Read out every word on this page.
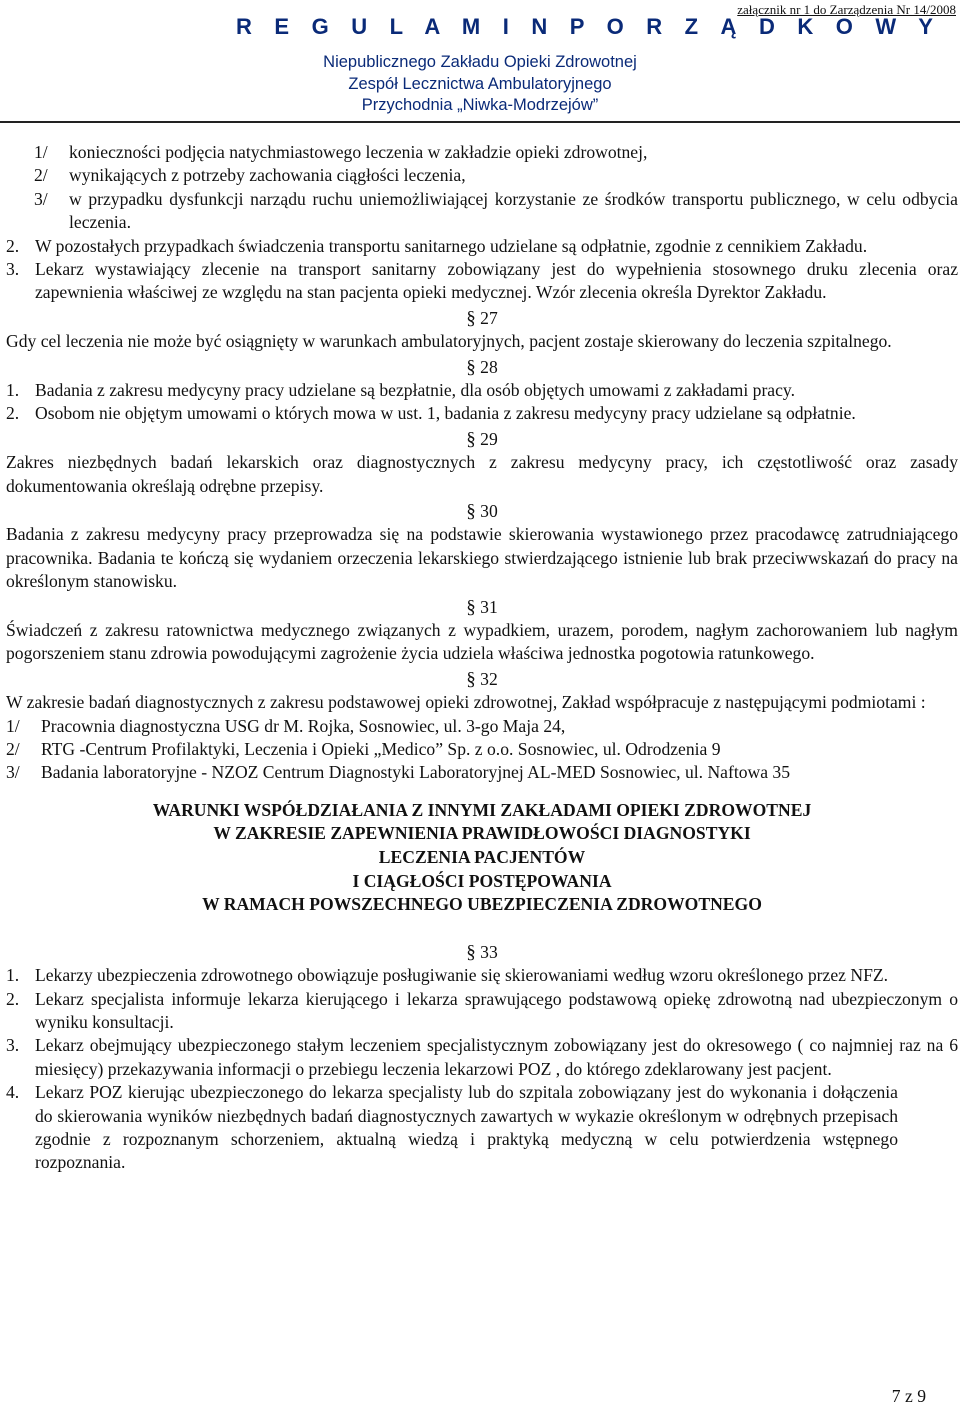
R E G U L A M I N P O R Z Ą D K O W Y
załącznik nr 1 do Zarządzenia Nr 14/2008
Niepublicznego Zakładu Opieki Zdrowotnej
Zespół Lecznictwa Ambulatoryjnego
Przychodnia „Niwka-Modrzejów”
1/	konieczności podjęcia natychmiastowego leczenia w zakładzie opieki zdrowotnej,
2/	wynikających z potrzeby zachowania ciągłości leczenia,
3/	w przypadku dysfunkcji narządu ruchu uniemożliwiającej korzystanie ze środków transportu publicznego, w celu odbycia leczenia.
2. W pozostałych przypadkach świadczenia transportu sanitarnego udzielane są odpłatnie, zgodnie z cennikiem Zakładu.
3. Lekarz wystawiający zlecenie na transport sanitarny zobowiązany jest do wypełnienia stosownego druku zlecenia oraz zapewnienia właściwej ze względu na stan pacjenta opieki medycznej. Wzór zlecenia określa Dyrektor Zakładu.
§ 27

Gdy cel leczenia nie może być osiągnięty w warunkach ambulatoryjnych, pacjent zostaje skierowany do leczenia szpitalnego.

§ 28
1. Badania z zakresu medycyny pracy udzielane są bezpłatnie, dla osób objętych umowami z zakładami pracy.
2. Osobom nie objętym umowami o których mowa w ust. 1, badania z zakresu medycyny pracy udzielane są odpłatnie.
§ 29

Zakres niezbędnych badań lekarskich oraz diagnostycznych z zakresu medycyny pracy, ich częstotliwość oraz zasady dokumentowania określają odrębne przepisy.

§ 30

Badania z zakresu medycyny pracy przeprowadza się na podstawie skierowania wystawionego przez pracodawcę zatrudniającego pracownika. Badania te kończą się wydaniem orzeczenia lekarskiego stwierdzającego istnienie lub brak przeciwwskazań do pracy na określonym stanowisku.

§ 31

Świadczeń z zakresu ratownictwa medycznego związanych z wypadkiem, urazem, porodem, nagłym zachorowaniem lub nagłym pogorszeniem stanu zdrowia powodującymi zagrożenie życia udziela właściwa jednostka pogotowia ratunkowego.

§ 32

W zakresie badań diagnostycznych z zakresu podstawowej opieki zdrowotnej, Zakład współpracuje z następującymi podmiotami :

1/	Pracownia diagnostyczna USG dr M. Rojka, Sosnowiec, ul. 3-go Maja 24,
2/	RTG -Centrum Profilaktyki, Leczenia i Opieki „Medico” Sp. z o.o. Sosnowiec, ul. Odrodzenia 9
3/	Badania laboratoryjne - NZOZ Centrum Diagnostyki Laboratoryjnej AL-MED Sosnowiec, ul. Naftowa 35
WARUNKI WSPÓŁDZIAŁANIA Z INNYMI ZAKŁADAMI OPIEKI ZDROWOTNEJ
W ZAKRESIE ZAPEWNIENIA PRAWIDŁOWOŚCI DIAGNOSTYKI
LECZENIA PACJENTÓW
I CIĄGŁOŚCI POSTĘPOWANIA
W RAMACH POWSZECHNEGO UBEZPIECZENIA ZDROWOTNEGO
§ 33
1. Lekarzy ubezpieczenia zdrowotnego obowiązuje posługiwanie się skierowaniami według wzoru określonego przez NFZ.
2. Lekarz specjalista informuje lekarza kierującego i lekarza sprawującego podstawową opiekę zdrowotną nad ubezpieczonym o wyniku konsultacji.
3. Lekarz obejmujący ubezpieczonego stałym leczeniem specjalistycznym zobowiązany jest do okresowego ( co najmniej raz na 6 miesięcy) przekazywania informacji o przebiegu leczenia lekarzowi POZ , do którego zdeklarowany jest pacjent.
4. Lekarz POZ kierując ubezpieczonego do lekarza specjalisty lub do szpitala zobowiązany jest do wykonania i dołączenia do skierowania wyników niezbędnych badań diagnostycznych zawartych w wykazie określonym w odrębnych przepisach zgodnie z rozpoznanym schorzeniem, aktualną wiedzą i praktyką medyczną w celu potwierdzenia wstępnego rozpoznania.
7 z 9
